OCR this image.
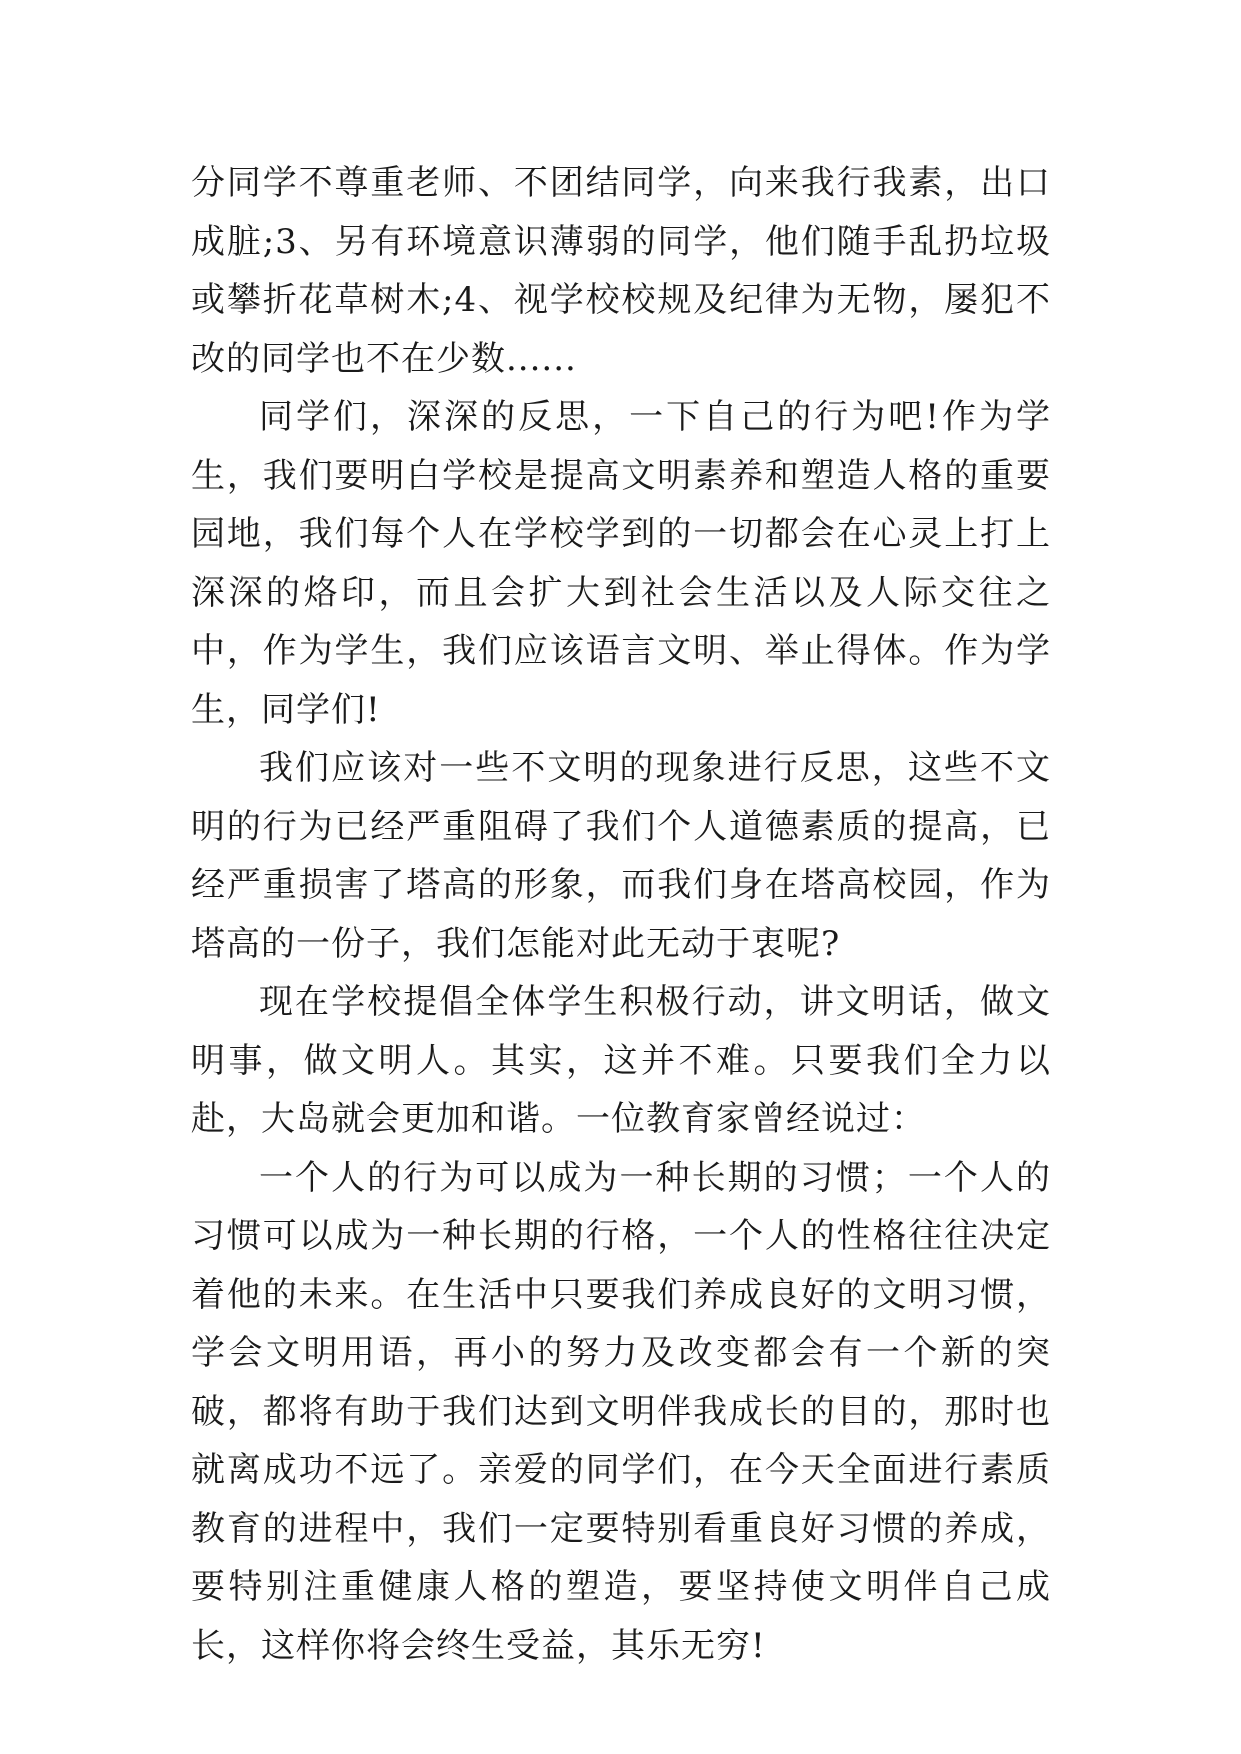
分同学不尊重老师、不团结同学，向来我行我素，出口成脏;3、另有环境意识薄弱的同学，他们随手乱扔垃圾或攀折花草树木;4、视学校校规及纪律为无物，屡犯不改的同学也不在少数......

同学们，深深的反思，一下自己的行为吧!作为学生，我们要明白学校是提高文明素养和塑造人格的重要园地，我们每个人在学校学到的一切都会在心灵上打上深深的烙印，而且会扩大到社会生活以及人际交往之中，作为学生，我们应该语言文明、举止得体。作为学生，同学们!

我们应该对一些不文明的现象进行反思，这些不文明的行为已经严重阻碍了我们个人道德素质的提高，已经严重损害了塔高的形象，而我们身在塔高校园，作为塔高的一份子，我们怎能对此无动于衷呢?

现在学校提倡全体学生积极行动，讲文明话，做文明事，做文明人。其实，这并不难。只要我们全力以赴，大岛就会更加和谐。一位教育家曾经说过：

一个人的行为可以成为一种长期的习惯；一个人的习惯可以成为一种长期的行格，一个人的性格往往决定着他的未来。在生活中只要我们养成良好的文明习惯，学会文明用语，再小的努力及改变都会有一个新的突破，都将有助于我们达到文明伴我成长的目的，那时也就离成功不远了。亲爱的同学们，在今天全面进行素质教育的进程中，我们一定要特别看重良好习惯的养成，要特别注重健康人格的塑造，要坚持使文明伴自己成长，这样你将会终生受益，其乐无穷!
